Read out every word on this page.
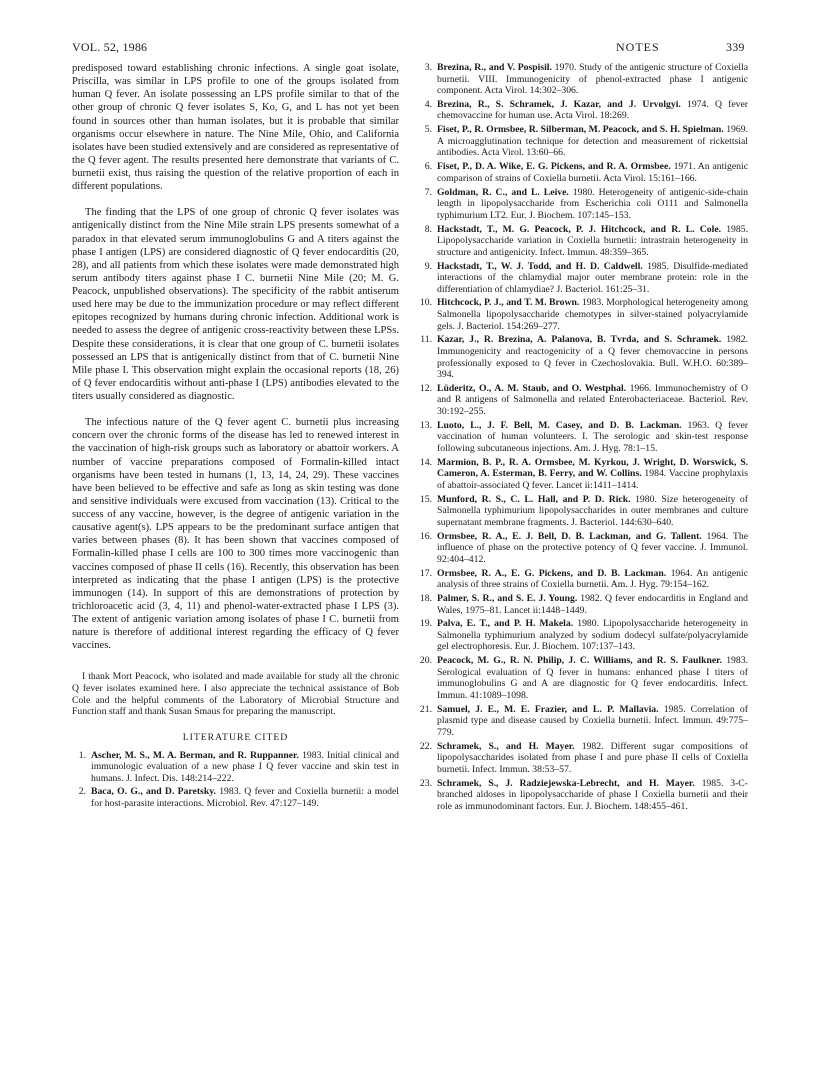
VOL. 52, 1986	NOTES	339

predisposed toward establishing chronic infections. A single goat isolate, Priscilla, was similar in LPS profile to one of the groups isolated from human Q fever. An isolate possessing an LPS profile similar to that of the other group of chronic Q fever isolates S, Ko, G, and L has not yet been found in sources other than human isolates, but it is probable that similar organisms occur elsewhere in nature. The Nine Mile, Ohio, and California isolates have been studied extensively and are considered as representative of the Q fever agent. The results presented here demonstrate that variants of C. burnetii exist, thus raising the question of the relative proportion of each in different populations.

The finding that the LPS of one group of chronic Q fever isolates was antigenically distinct from the Nine Mile strain LPS presents somewhat of a paradox in that elevated serum immunoglobulins G and A titers against the phase I antigen (LPS) are considered diagnostic of Q fever endocarditis (20, 28), and all patients from which these isolates were made demonstrated high serum antibody titers against phase I C. burnetii Nine Mile (20; M. G. Peacock, unpublished observations). The specificity of the rabbit antiserum used here may be due to the immunization procedure or may reflect different epitopes recognized by humans during chronic infection. Additional work is needed to assess the degree of antigenic cross-reactivity between these LPSs. Despite these considerations, it is clear that one group of C. burnetii isolates possessed an LPS that is antigenically distinct from that of C. burnetii Nine Mile phase I. This observation might explain the occasional reports (18, 26) of Q fever endocarditis without anti-phase I (LPS) antibodies elevated to the titers usually considered as diagnostic.

The infectious nature of the Q fever agent C. burnetii plus increasing concern over the chronic forms of the disease has led to renewed interest in the vaccination of high-risk groups such as laboratory or abattoir workers. A number of vaccine preparations composed of Formalin-killed intact organisms have been tested in humans (1, 13, 14, 24, 29). These vaccines have been believed to be effective and safe as long as skin testing was done and sensitive individuals were excused from vaccination (13). Critical to the success of any vaccine, however, is the degree of antigenic variation in the causative agent(s). LPS appears to be the predominant surface antigen that varies between phases (8). It has been shown that vaccines composed of Formalin-killed phase I cells are 100 to 300 times more vaccinogenic than vaccines composed of phase II cells (16). Recently, this observation has been interpreted as indicating that the phase I antigen (LPS) is the protective immunogen (14). In support of this are demonstrations of protection by trichloroacetic acid (3, 4, 11) and phenol-water-extracted phase I LPS (3). The extent of antigenic variation among isolates of phase I C. burnetii from nature is therefore of additional interest regarding the efficacy of Q fever vaccines.

I thank Mort Peacock, who isolated and made available for study all the chronic Q fever isolates examined here. I also appreciate the technical assistance of Bob Cole and the helpful comments of the Laboratory of Microbial Structure and Function staff and thank Susan Smaus for preparing the manuscript.

LITERATURE CITED
1. Ascher, M. S., M. A. Berman, and R. Ruppanner. 1983. Initial clinical and immunologic evaluation of a new phase I Q fever vaccine and skin test in humans. J. Infect. Dis. 148:214–222.
2. Baca, O. G., and D. Paretsky. 1983. Q fever and Coxiella burnetii: a model for host-parasite interactions. Microbiol. Rev. 47:127–149.
3. Brezina, R., and V. Pospisil. 1970. Study of the antigenic structure of Coxiella burnetii. VIII. Immunogenicity of phenol-extracted phase I antigenic component. Acta Virol. 14:302–306.
4. Brezina, R., S. Schramek, J. Kazar, and J. Urvolgyi. 1974. Q fever chemovaccine for human use. Acta Virol. 18:269.
5. Fiset, P., R. Ormsbee, R. Silberman, M. Peacock, and S. H. Spielman. 1969. A microagglutination technique for detection and measurement of rickettsial antibodies. Acta Virol. 13:60–66.
6. Fiset, P., D. A. Wike, E. G. Pickens, and R. A. Ormsbee. 1971. An antigenic comparison of strains of Coxiella burnetii. Acta Virol. 15:161–166.
7. Goldman, R. C., and L. Leive. 1980. Heterogeneity of antigenic-side-chain length in lipopolysaccharide from Escherichia coli O111 and Salmonella typhimurium LT2. Eur. J. Biochem. 107:145–153.
8. Hackstadt, T., M. G. Peacock, P. J. Hitchcock, and R. L. Cole. 1985. Lipopolysaccharide variation in Coxiella burnetii: intrastrain heterogeneity in structure and antigenicity. Infect. Immun. 48:359–365.
9. Hackstadt, T., W. J. Todd, and H. D. Caldwell. 1985. Disulfide-mediated interactions of the chlamydial major outer membrane protein: role in the differentiation of chlamydiae? J. Bacteriol. 161:25–31.
10. Hitchcock, P. J., and T. M. Brown. 1983. Morphological heterogeneity among Salmonella lipopolysaccharide chemotypes in silver-stained polyacrylamide gels. J. Bacteriol. 154:269–277.
11. Kazar, J., R. Brezina, A. Palanova, B. Tvrda, and S. Schramek. 1982. Immunogenicity and reactogenicity of a Q fever chemovaccine in persons professionally exposed to Q fever in Czechoslovakia. Bull. W.H.O. 60:389–394.
12. Lüderitz, O., A. M. Staub, and O. Westphal. 1966. Immunochemistry of O and R antigens of Salmonella and related Enterobacteriaceae. Bacteriol. Rev. 30:192–255.
13. Luoto, L., J. F. Bell, M. Casey, and D. B. Lackman. 1963. Q fever vaccination of human volunteers. I. The serologic and skin-test response following subcutaneous injections. Am. J. Hyg. 78:1–15.
14. Marmion, B. P., R. A. Ormsbee, M. Kyrkou, J. Wright, D. Worswick, S. Cameron, A. Esterman, B. Ferry, and W. Collins. 1984. Vaccine prophylaxis of abattoir-associated Q fever. Lancet ii:1411–1414.
15. Munford, R. S., C. L. Hall, and P. D. Rick. 1980. Size heterogeneity of Salmonella typhimurium lipopolysaccharides in outer membranes and culture supernatant membrane fragments. J. Bacteriol. 144:630–640.
16. Ormsbee, R. A., E. J. Bell, D. B. Lackman, and G. Tallent. 1964. The influence of phase on the protective potency of Q fever vaccine. J. Immunol. 92:404–412.
17. Ormsbee, R. A., E. G. Pickens, and D. B. Lackman. 1964. An antigenic analysis of three strains of Coxiella burnetii. Am. J. Hyg. 79:154–162.
18. Palmer, S. R., and S. E. J. Young. 1982. Q fever endocarditis in England and Wales, 1975–81. Lancet ii:1448–1449.
19. Palva, E. T., and P. H. Makela. 1980. Lipopolysaccharide heterogeneity in Salmonella typhimurium analyzed by sodium dodecyl sulfate/polyacrylamide gel electrophoresis. Eur. J. Biochem. 107:137–143.
20. Peacock, M. G., R. N. Philip, J. C. Williams, and R. S. Faulkner. 1983. Serological evaluation of Q fever in humans: enhanced phase I titers of immunoglobulins G and A are diagnostic for Q fever endocarditis. Infect. Immun. 41:1089–1098.
21. Samuel, J. E., M. E. Frazier, and L. P. Mallavia. 1985. Correlation of plasmid type and disease caused by Coxiella burnetii. Infect. Immun. 49:775–779.
22. Schramek, S., and H. Mayer. 1982. Different sugar compositions of lipopolysaccharides isolated from phase I and pure phase II cells of Coxiella burnetii. Infect. Immun. 38:53–57.
23. Schramek, S., J. Radziejewska-Lebrecht, and H. Mayer. 1985. 3-C-branched aldoses in lipopolysaccharide of phase I Coxiella burnetii and their role as immunodominant factors. Eur. J. Biochem. 148:455–461.
